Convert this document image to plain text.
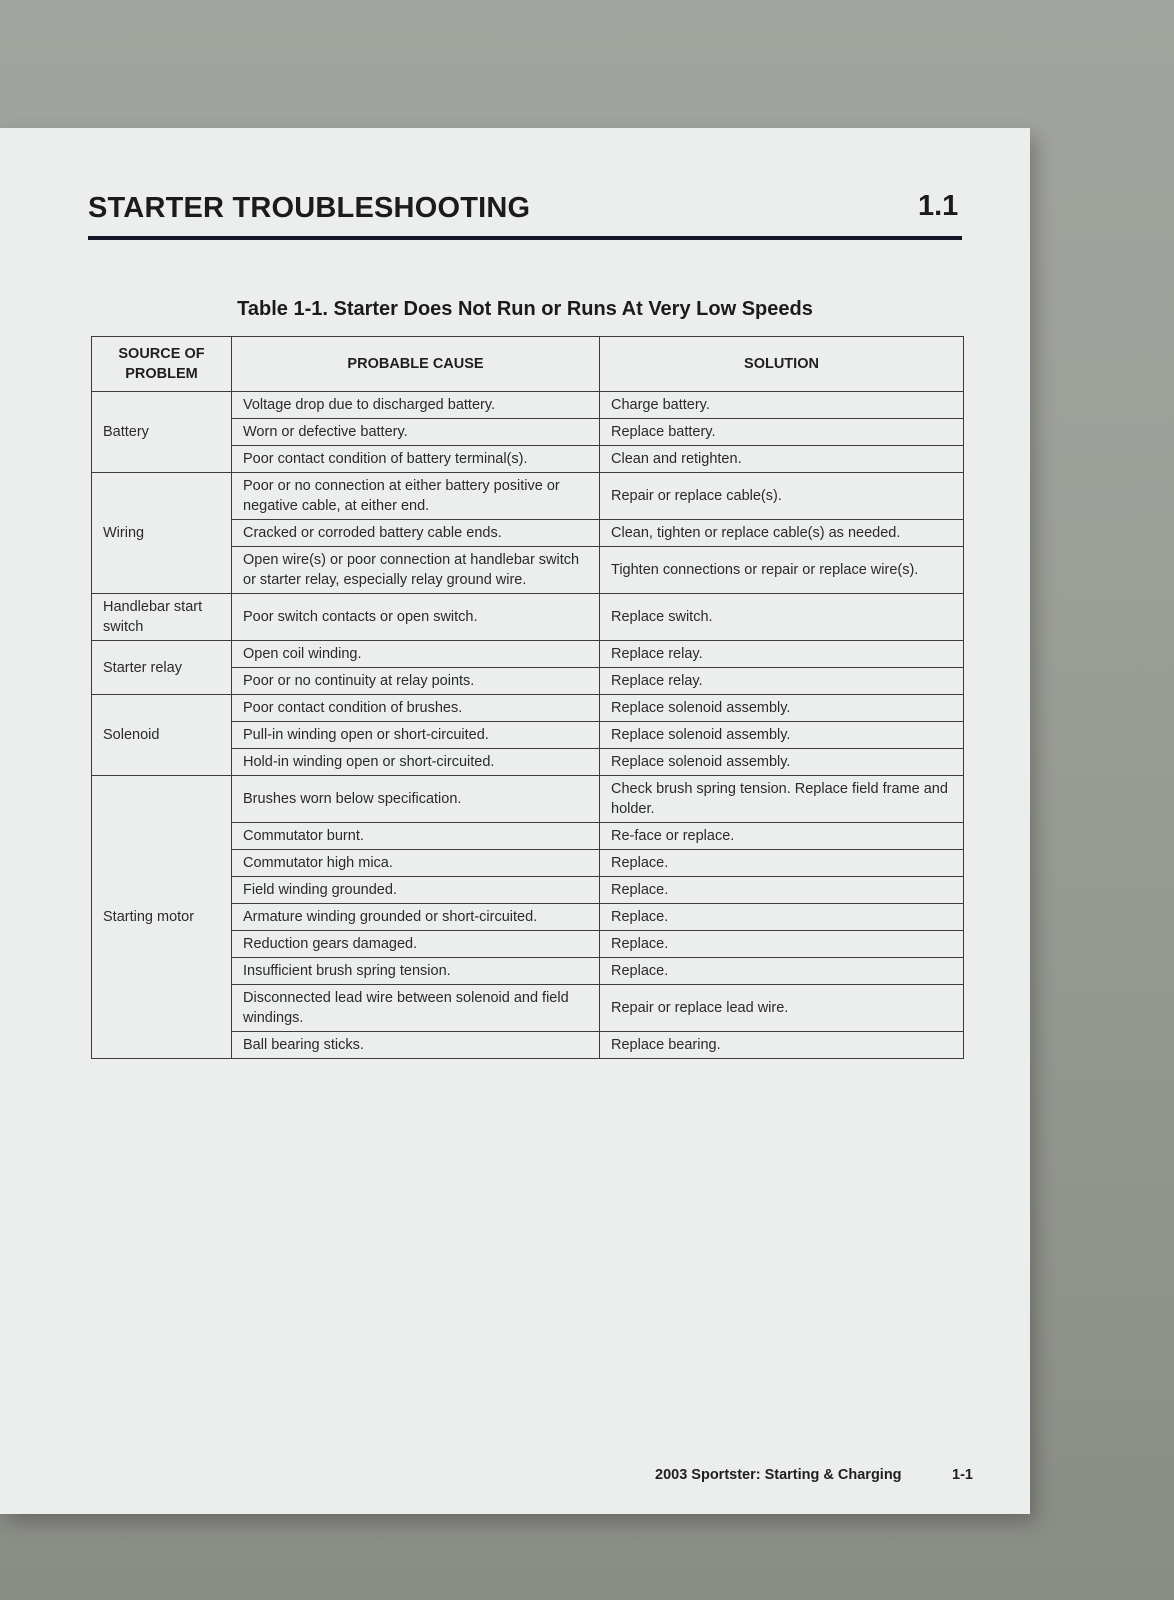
STARTER TROUBLESHOOTING	1.1
Table 1-1. Starter Does Not Run or Runs At Very Low Speeds
SOURCE OF PROBLEM	PROBABLE CAUSE	SOLUTION
Battery	Voltage drop due to discharged battery.	Charge battery.
	Worn or defective battery.	Replace battery.
	Poor contact condition of battery terminal(s).	Clean and retighten.
Wiring	Poor or no connection at either battery positive or negative cable, at either end.	Repair or replace cable(s).
	Cracked or corroded battery cable ends.	Clean, tighten or replace cable(s) as needed.
	Open wire(s) or poor connection at handlebar switch or starter relay, especially relay ground wire.	Tighten connections or repair or replace wire(s).
Handlebar start switch	Poor switch contacts or open switch.	Replace switch.
Starter relay	Open coil winding.	Replace relay.
	Poor or no continuity at relay points.	Replace relay.
Solenoid	Poor contact condition of brushes.	Replace solenoid assembly.
	Pull-in winding open or short-circuited.	Replace solenoid assembly.
	Hold-in winding open or short-circuited.	Replace solenoid assembly.
Starting motor	Brushes worn below specification.	Check brush spring tension. Replace field frame and holder.
	Commutator burnt.	Re-face or replace.
	Commutator high mica.	Replace.
	Field winding grounded.	Replace.
	Armature winding grounded or short-circuited.	Replace.
	Reduction gears damaged.	Replace.
	Insufficient brush spring tension.	Replace.
	Disconnected lead wire between solenoid and field windings.	Repair or replace lead wire.
	Ball bearing sticks.	Replace bearing.
2003 Sportster: Starting & Charging	1-1
